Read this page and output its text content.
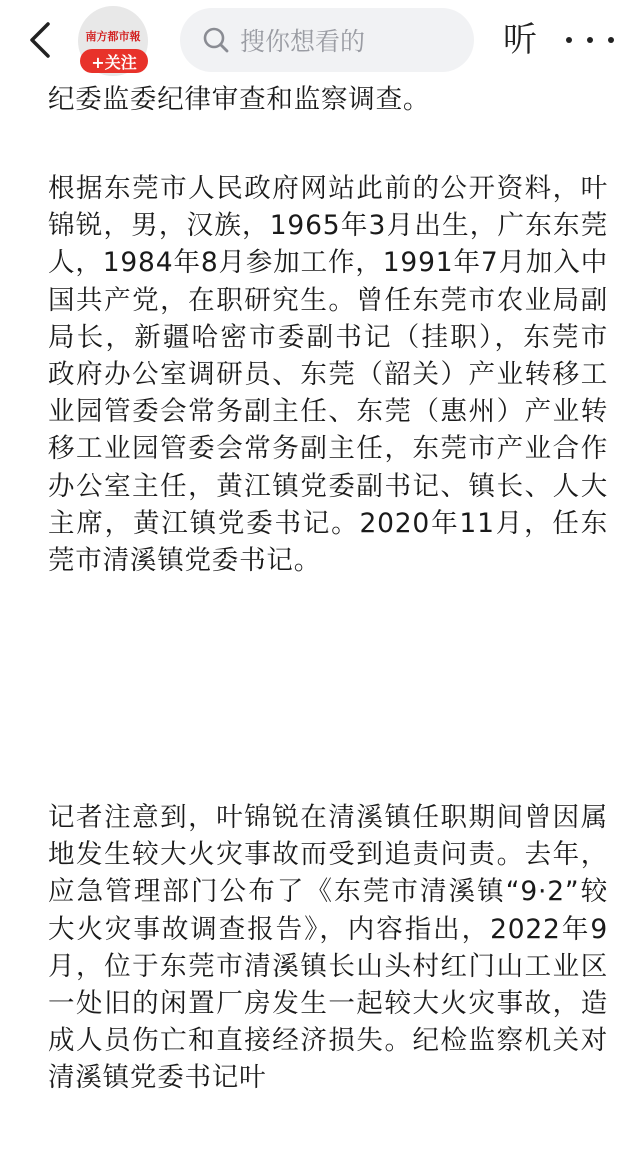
南方都市報
+关注
搜你想看的	听

纪委监委纪律审查和监察调查。

根据东莞市人民政府网站此前的公开资料，叶锦锐，男，汉族，1965年3月出生，广东东莞人，1984年8月参加工作，1991年7月加入中国共产党，在职研究生。曾任东莞市农业局副局长，新疆哈密市委副书记（挂职），东莞市政府办公室调研员、东莞（韶关）产业转移工业园管委会常务副主任、东莞（惠州）产业转移工业园管委会常务副主任，东莞市产业合作办公室主任，黄江镇党委副书记、镇长、人大主席，黄江镇党委书记。2020年11月，任东莞市清溪镇党委书记。

记者注意到，叶锦锐在清溪镇任职期间曾因属地发生较大火灾事故而受到追责问责。去年，应急管理部门公布了《东莞市清溪镇“9·2”较大火灾事故调查报告》，内容指出，2022年9月，位于东莞市清溪镇长山头村红门山工业区一处旧的闲置厂房发生一起较大火灾事故，造成人员伤亡和直接经济损失。纪检监察机关对清溪镇党委书记叶
